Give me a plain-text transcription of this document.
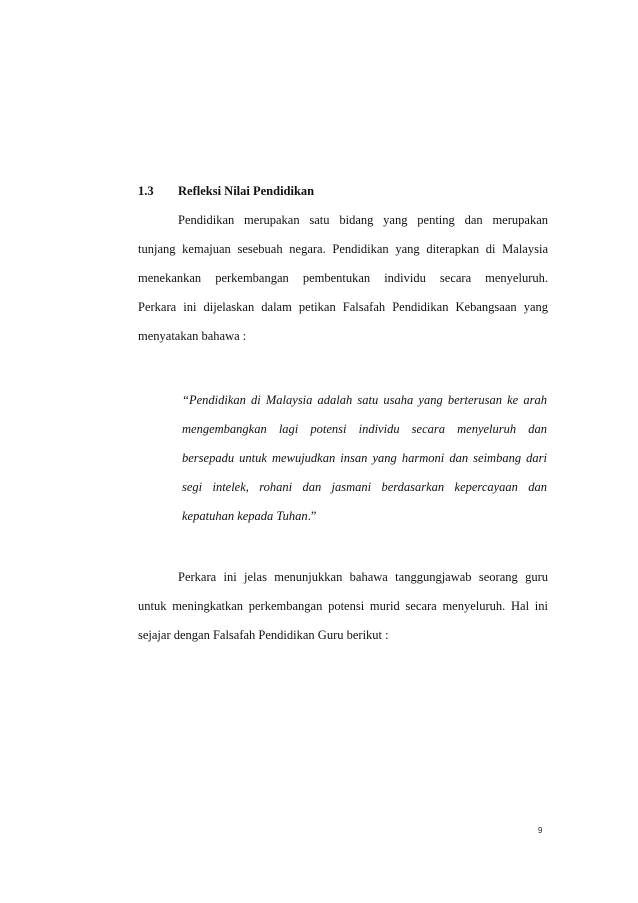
1.3 Refleksi Nilai Pendidikan

Pendidikan merupakan satu bidang yang penting dan merupakan
tunjang kemajuan sesebuah negara. Pendidikan yang diterapkan di Malaysia
menekankan perkembangan pembentukan individu secara menyeluruh.
Perkara ini dijelaskan dalam petikan Falsafah Pendidikan Kebangsaan yang
menyatakan bahawa :

“Pendidikan di Malaysia adalah satu usaha yang berterusan ke arah
mengembangkan lagi potensi individu secara menyeluruh dan
bersepadu untuk mewujudkan insan yang harmoni dan seimbang dari
segi intelek, rohani dan jasmani berdasarkan kepercayaan dan
kepatuhan kepada Tuhan.”

Perkara ini jelas menunjukkan bahawa tanggungjawab seorang guru
untuk meningkatkan perkembangan potensi murid secara menyeluruh. Hal ini
sejajar dengan Falsafah Pendidikan Guru berikut :

9
